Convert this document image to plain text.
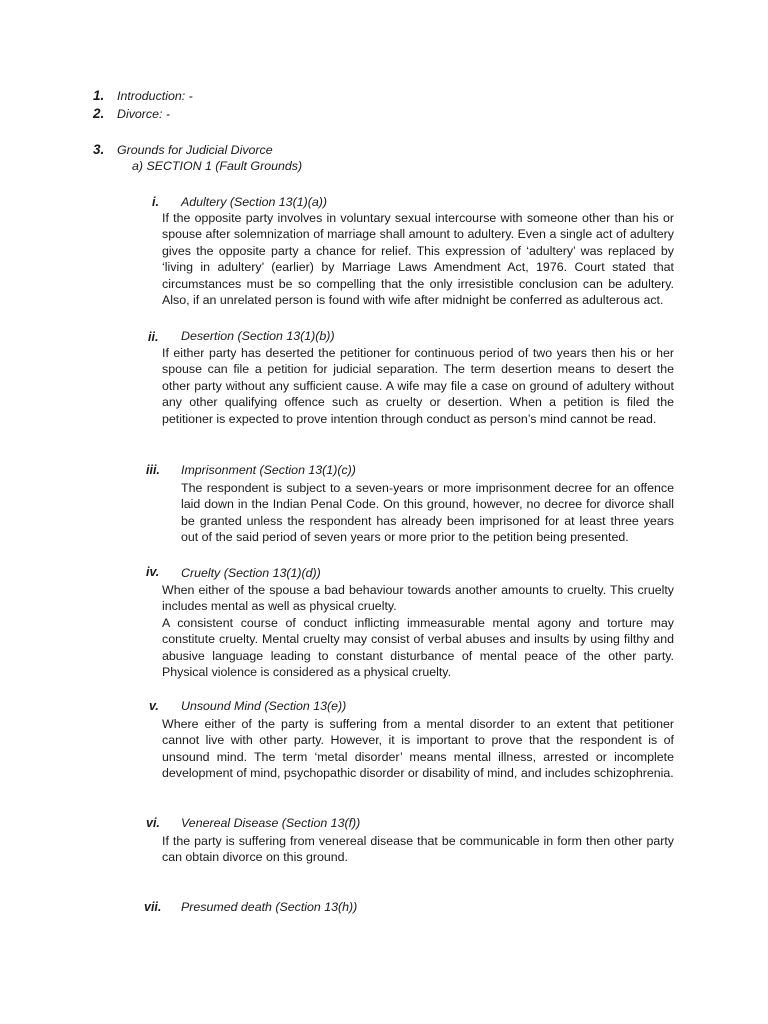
1. Introduction: -
2. Divorce: -
3. Grounds for Judicial Divorce
a) SECTION 1 (Fault Grounds)
i. Adultery (Section 13(1)(a))

If the opposite party involves in voluntary sexual intercourse with someone other than his or spouse after solemnization of marriage shall amount to adultery. Even a single act of adultery gives the opposite party a chance for relief. This expression of ‘adultery’ was replaced by ‘living in adultery’ (earlier) by Marriage Laws Amendment Act, 1976. Court stated that circumstances must be so compelling that the only irresistible conclusion can be adultery. Also, if an unrelated person is found with wife after midnight be conferred as adulterous act.

ii. Desertion (Section 13(1)(b))

If either party has deserted the petitioner for continuous period of two years then his or her spouse can file a petition for judicial separation. The term desertion means to desert the other party without any sufficient cause. A wife may file a case on ground of adultery without any other qualifying offence such as cruelty or desertion. When a petition is filed the petitioner is expected to prove intention through conduct as person’s mind cannot be read.

iii. Imprisonment (Section 13(1)(c))

The respondent is subject to a seven-years or more imprisonment decree for an offence laid down in the Indian Penal Code. On this ground, however, no decree for divorce shall be granted unless the respondent has already been imprisoned for at least three years out of the said period of seven years or more prior to the petition being presented.

iv. Cruelty (Section 13(1)(d))

When either of the spouse a bad behaviour towards another amounts to cruelty. This cruelty includes mental as well as physical cruelty.
A consistent course of conduct inflicting immeasurable mental agony and torture may constitute cruelty. Mental cruelty may consist of verbal abuses and insults by using filthy and abusive language leading to constant disturbance of mental peace of the other party. Physical violence is considered as a physical cruelty.

v. Unsound Mind (Section 13(e))

Where either of the party is suffering from a mental disorder to an extent that petitioner cannot live with other party. However, it is important to prove that the respondent is of unsound mind. The term ‘metal disorder’ means mental illness, arrested or incomplete development of mind, psychopathic disorder or disability of mind, and includes schizophrenia.

vi. Venereal Disease (Section 13(f))

If the party is suffering from venereal disease that be communicable in form then other party can obtain divorce on this ground.

vii. Presumed death (Section 13(h))
